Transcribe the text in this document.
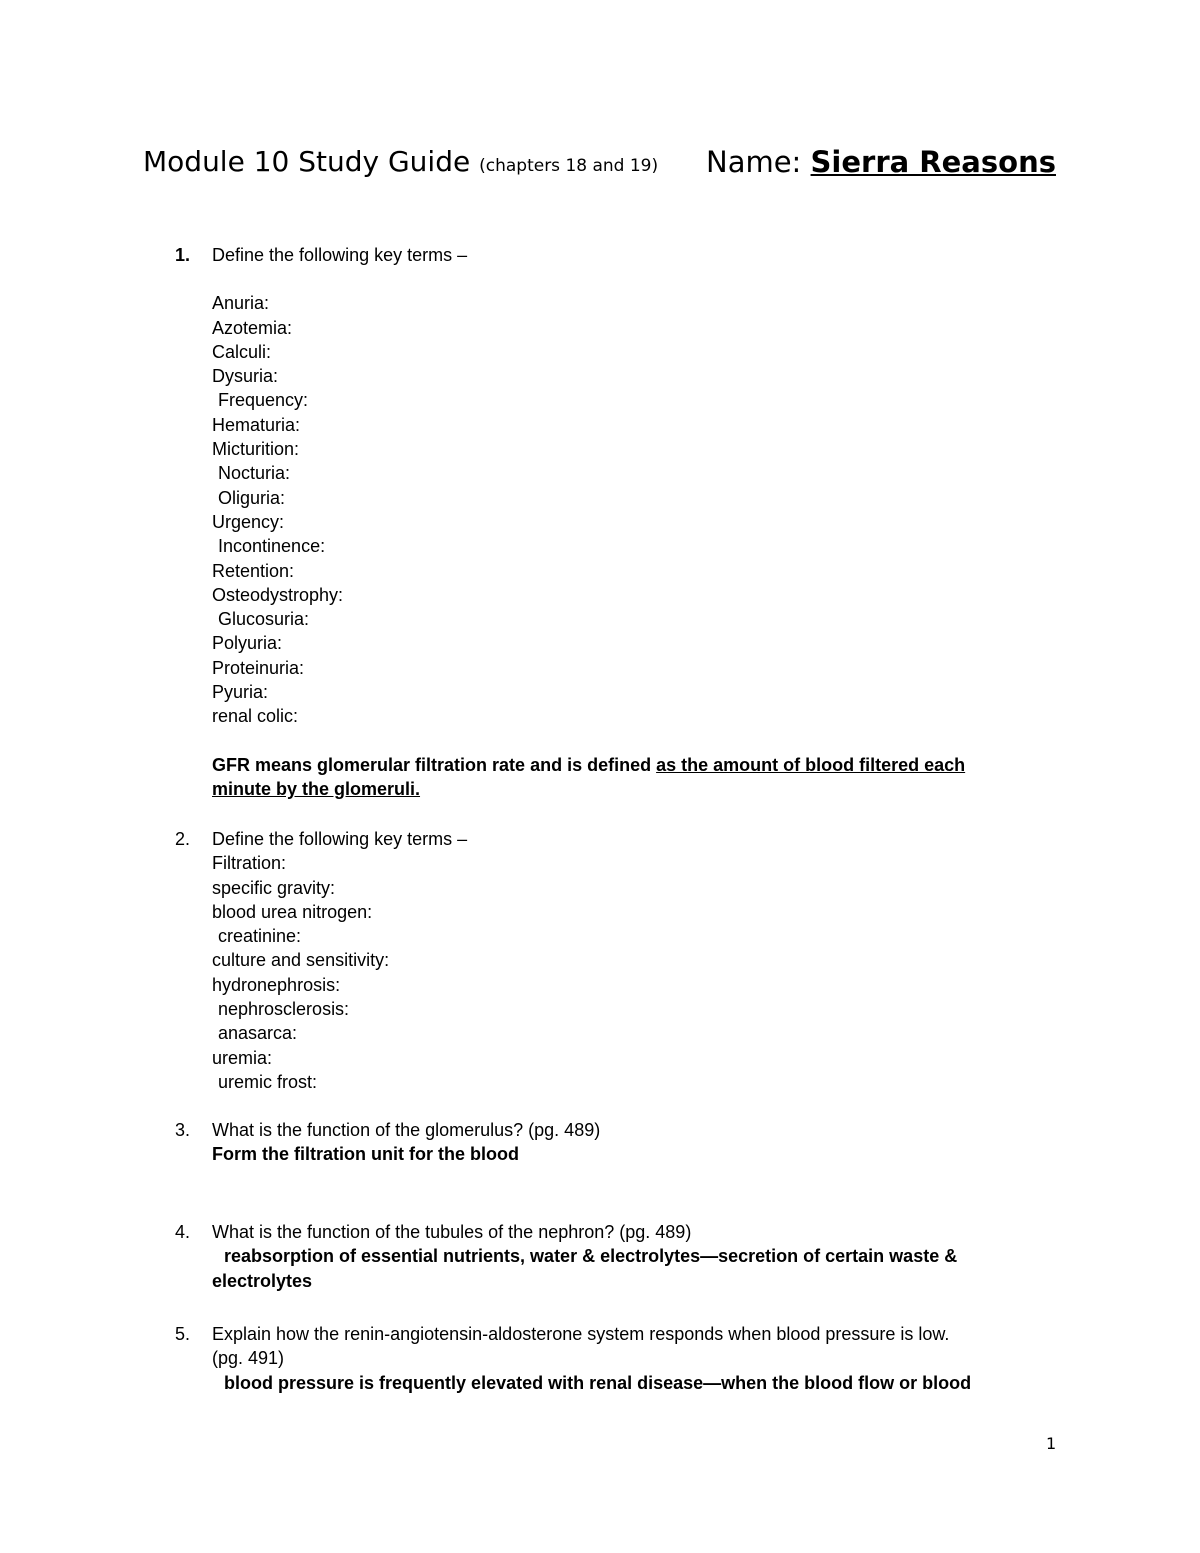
Module 10 Study Guide (chapters 18 and 19) Name: Sierra Reasons
1. Define the following key terms –
Anuria:
Azotemia:
Calculi:
Dysuria:
Frequency:
Hematuria:
Micturition:
Nocturia:
Oliguria:
Urgency:
Incontinence:
Retention:
Osteodystrophy:
Glucosuria:
Polyuria:
Proteinuria:
Pyuria:
renal colic:
GFR means glomerular filtration rate and is defined as the amount of blood filtered each
minute by the glomeruli.
2. Define the following key terms –
Filtration:
specific gravity:
blood urea nitrogen:
creatinine:
culture and sensitivity:
hydronephrosis:
nephrosclerosis:
anasarca:
uremia:
uremic frost:
3. What is the function of the glomerulus? (pg. 489)
Form the filtration unit for the blood
4. What is the function of the tubules of the nephron? (pg. 489)
reabsorption of essential nutrients, water & electrolytes—secretion of certain waste &
electrolytes
5. Explain how the renin-angiotensin-aldosterone system responds when blood pressure is low.
(pg. 491)
blood pressure is frequently elevated with renal disease—when the blood flow or blood
1
